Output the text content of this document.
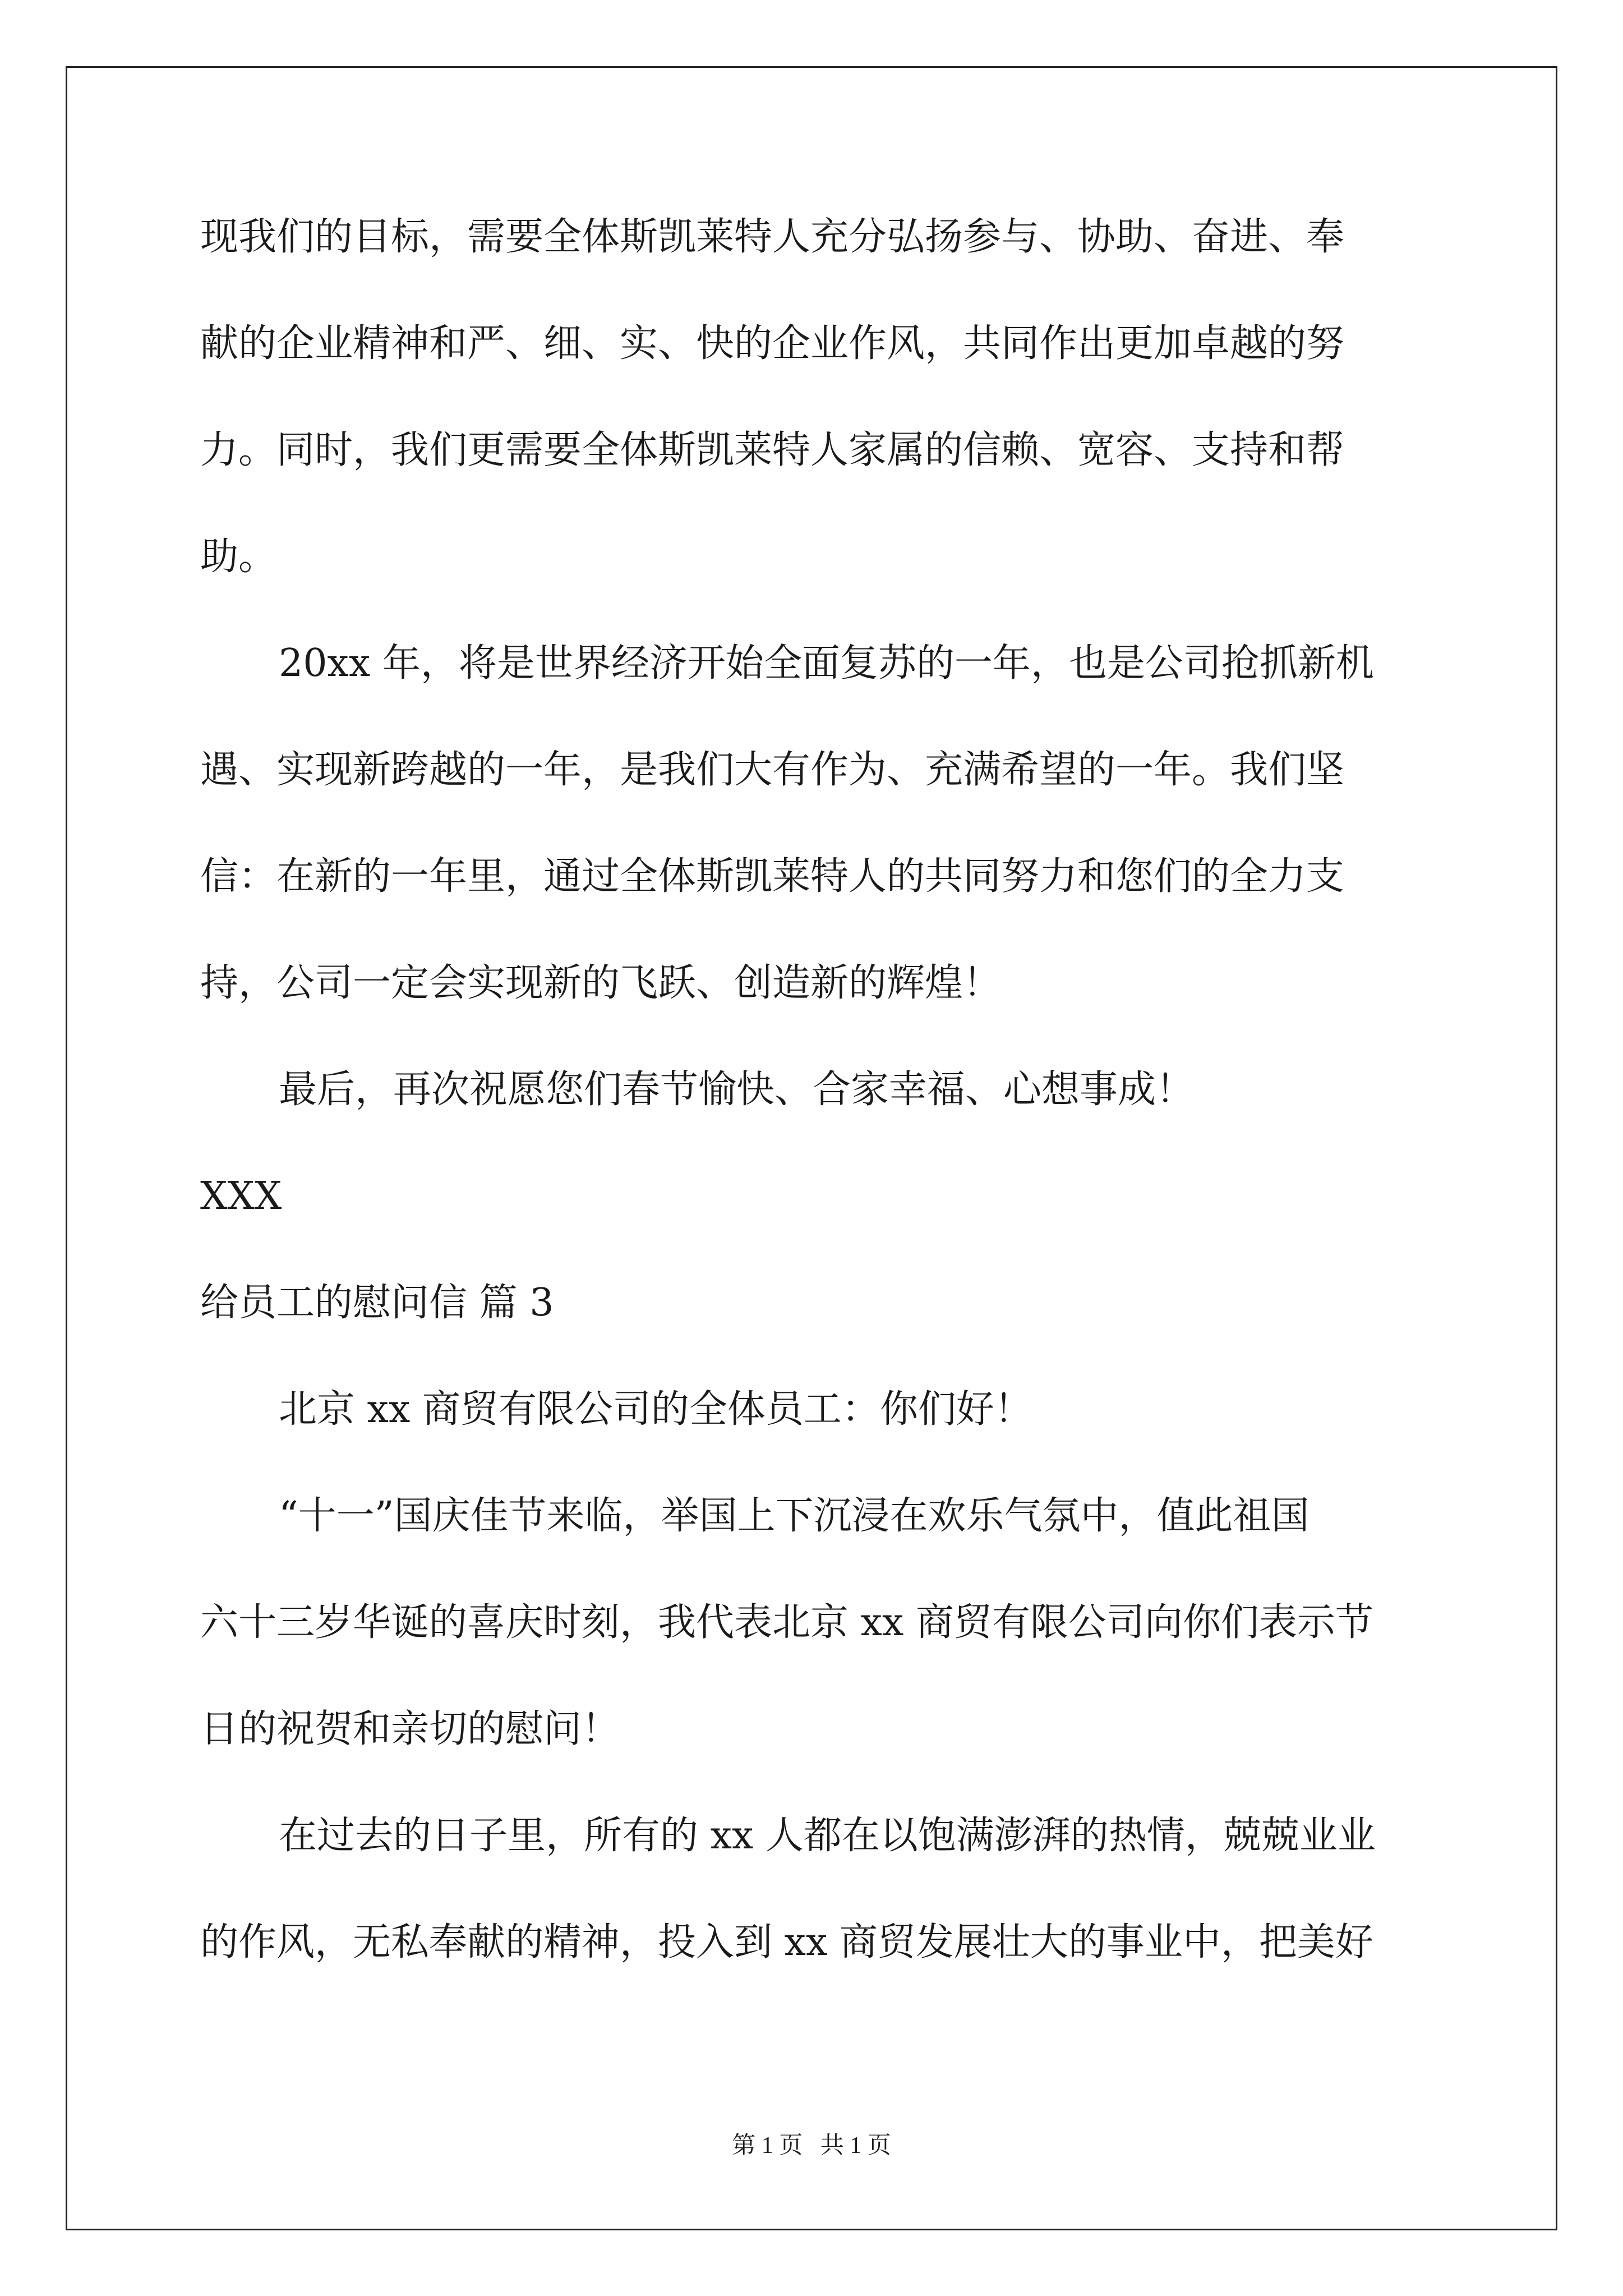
现我们的目标，需要全体斯凯莱特人充分弘扬参与、协助、奋进、奉
献的企业精神和严、细、实、快的企业作风，共同作出更加卓越的努
力。同时，我们更需要全体斯凯莱特人家属的信赖、宽容、支持和帮
助。
20xx 年，将是世界经济开始全面复苏的一年，也是公司抢抓新机
遇、实现新跨越的一年，是我们大有作为、充满希望的一年。我们坚
信：在新的一年里，通过全体斯凯莱特人的共同努力和您们的全力支
持，公司一定会实现新的飞跃、创造新的辉煌！
最后，再次祝愿您们春节愉快、合家幸福、心想事成！
XXX
给员工的慰问信 篇 3
北京 xx 商贸有限公司的全体员工：你们好！
“十一”国庆佳节来临，举国上下沉浸在欢乐气氛中，值此祖国
六十三岁华诞的喜庆时刻，我代表北京 xx 商贸有限公司向你们表示节
日的祝贺和亲切的慰问！
在过去的日子里，所有的 xx 人都在以饱满澎湃的热情，兢兢业业
的作风，无私奉献的精神，投入到 xx 商贸发展壮大的事业中，把美好
第 1 页   共 1 页
